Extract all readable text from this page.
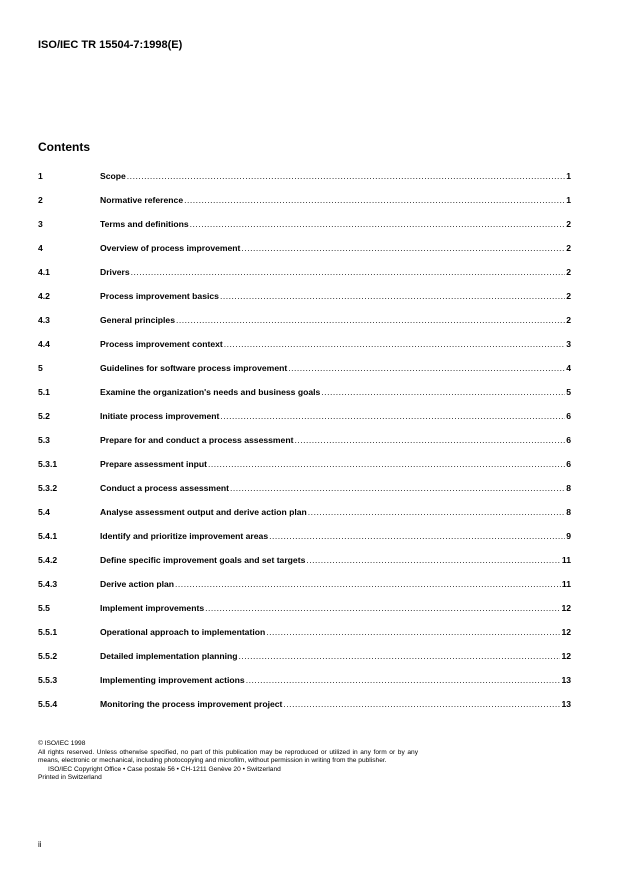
ISO/IEC TR 15504-7:1998(E)
Contents
1	Scope .....	1
2	Normative reference .....	1
3	Terms and definitions .....	2
4	Overview of process improvement .....	2
4.1	Drivers .....	2
4.2	Process improvement basics .....	2
4.3	General principles .....	2
4.4	Process improvement context .....	3
5	Guidelines for software process improvement .....	4
5.1	Examine the organization's needs and business goals .....	5
5.2	Initiate process improvement .....	6
5.3	Prepare for and conduct a process assessment .....	6
5.3.1	Prepare assessment input .....	6
5.3.2	Conduct a process assessment .....	8
5.4	Analyse assessment output and derive action plan .....	8
5.4.1	Identify and prioritize improvement areas .....	9
5.4.2	Define specific improvement goals and set targets .....	11
5.4.3	Derive action plan .....	11
5.5	Implement improvements .....	12
5.5.1	Operational approach to implementation .....	12
5.5.2	Detailed implementation planning .....	12
5.5.3	Implementing improvement actions .....	13
5.5.4	Monitoring the process improvement project .....	13
© ISO/IEC 1998
All rights reserved. Unless otherwise specified, no part of this publication may be reproduced or utilized in any form or by any means, electronic or mechanical, including photocopying and microfilm, without permission in writing from the publisher.
ISO/IEC Copyright Office • Case postale 56 • CH-1211 Genève 20 • Switzerland
Printed in Switzerland
ii
